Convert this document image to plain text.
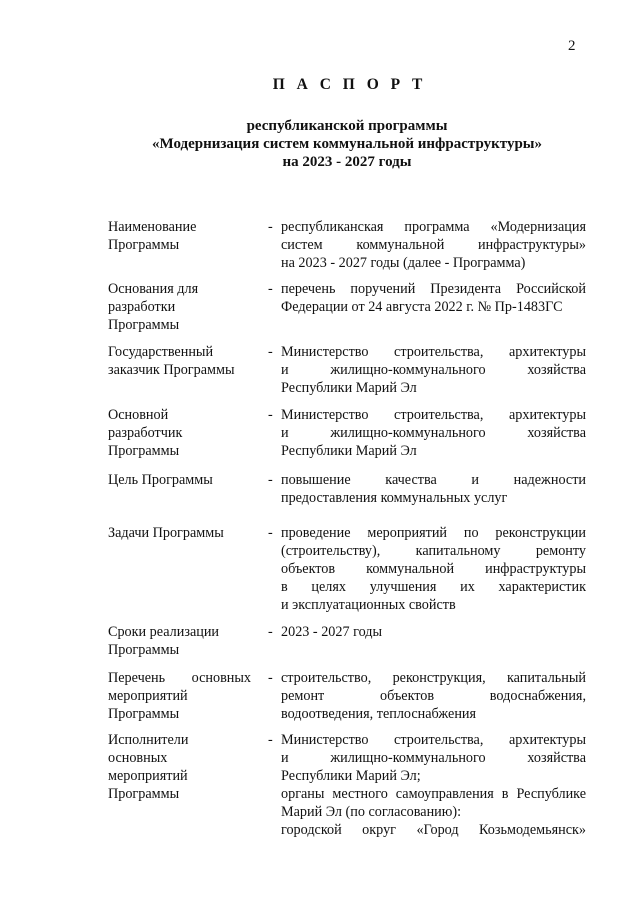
2
П А С П О Р Т
республиканской программы
«Модернизация систем коммунальной инфраструктуры»
на 2023 - 2027 годы
Наименование
Программы
- республиканская программа «Модернизация
систем коммунальной инфраструктуры»
на 2023 - 2027 годы (далее - Программа)
Основания для
разработки
Программы
- перечень поручений Президента Российской
Федерации от 24 августа 2022 г. № Пр-1483ГС
Государственный
заказчик Программы
- Министерство строительства, архитектуры
и жилищно-коммунального хозяйства
Республики Марий Эл
Основной
разработчик
Программы
- Министерство строительства, архитектуры
и жилищно-коммунального хозяйства
Республики Марий Эл
Цель Программы	- повышение качества и надежности
предоставления коммунальных услуг
Задачи Программы	- проведение мероприятий по реконструкции
(строительству), капитальному ремонту
объектов коммунальной инфраструктуры
в целях улучшения их характеристик
и эксплуатационных свойств
Сроки реализации
Программы
- 2023 - 2027 годы
Перечень основных
мероприятий
Программы
- строительство, реконструкция, капитальный
ремонт объектов водоснабжения,
водоотведения, теплоснабжения
Исполнители
основных
мероприятий
Программы
- Министерство строительства, архитектуры
и жилищно-коммунального хозяйства
Республики Марий Эл;
органы местного самоуправления в Республике
Марий Эл (по согласованию):
городской округ «Город Козьмодемьянск»
